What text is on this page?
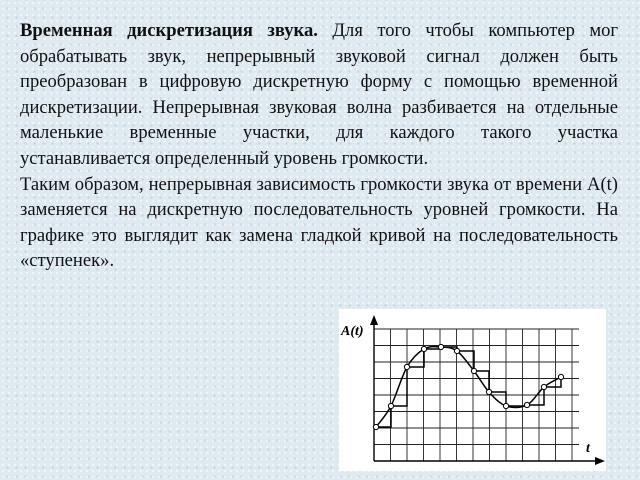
Временная дискретизация звука. Для того чтобы компьютер мог обрабатывать звук, непрерывный звуковой сигнал должен быть преобразован в цифровую дискретную форму с помощью временной дискретизации. Непрерывная звуковая волна разбивается на отдельные маленькие временные участки, для каждого такого участка устанавливается определенный уровень громкости.

Таким образом, непрерывная зависимость громкости звука от времени A(t) заменяется на дискретную последовательность уровней громкости. На графике это выглядит как замена гладкой кривой на последовательность «ступенек».

A(t)
t
